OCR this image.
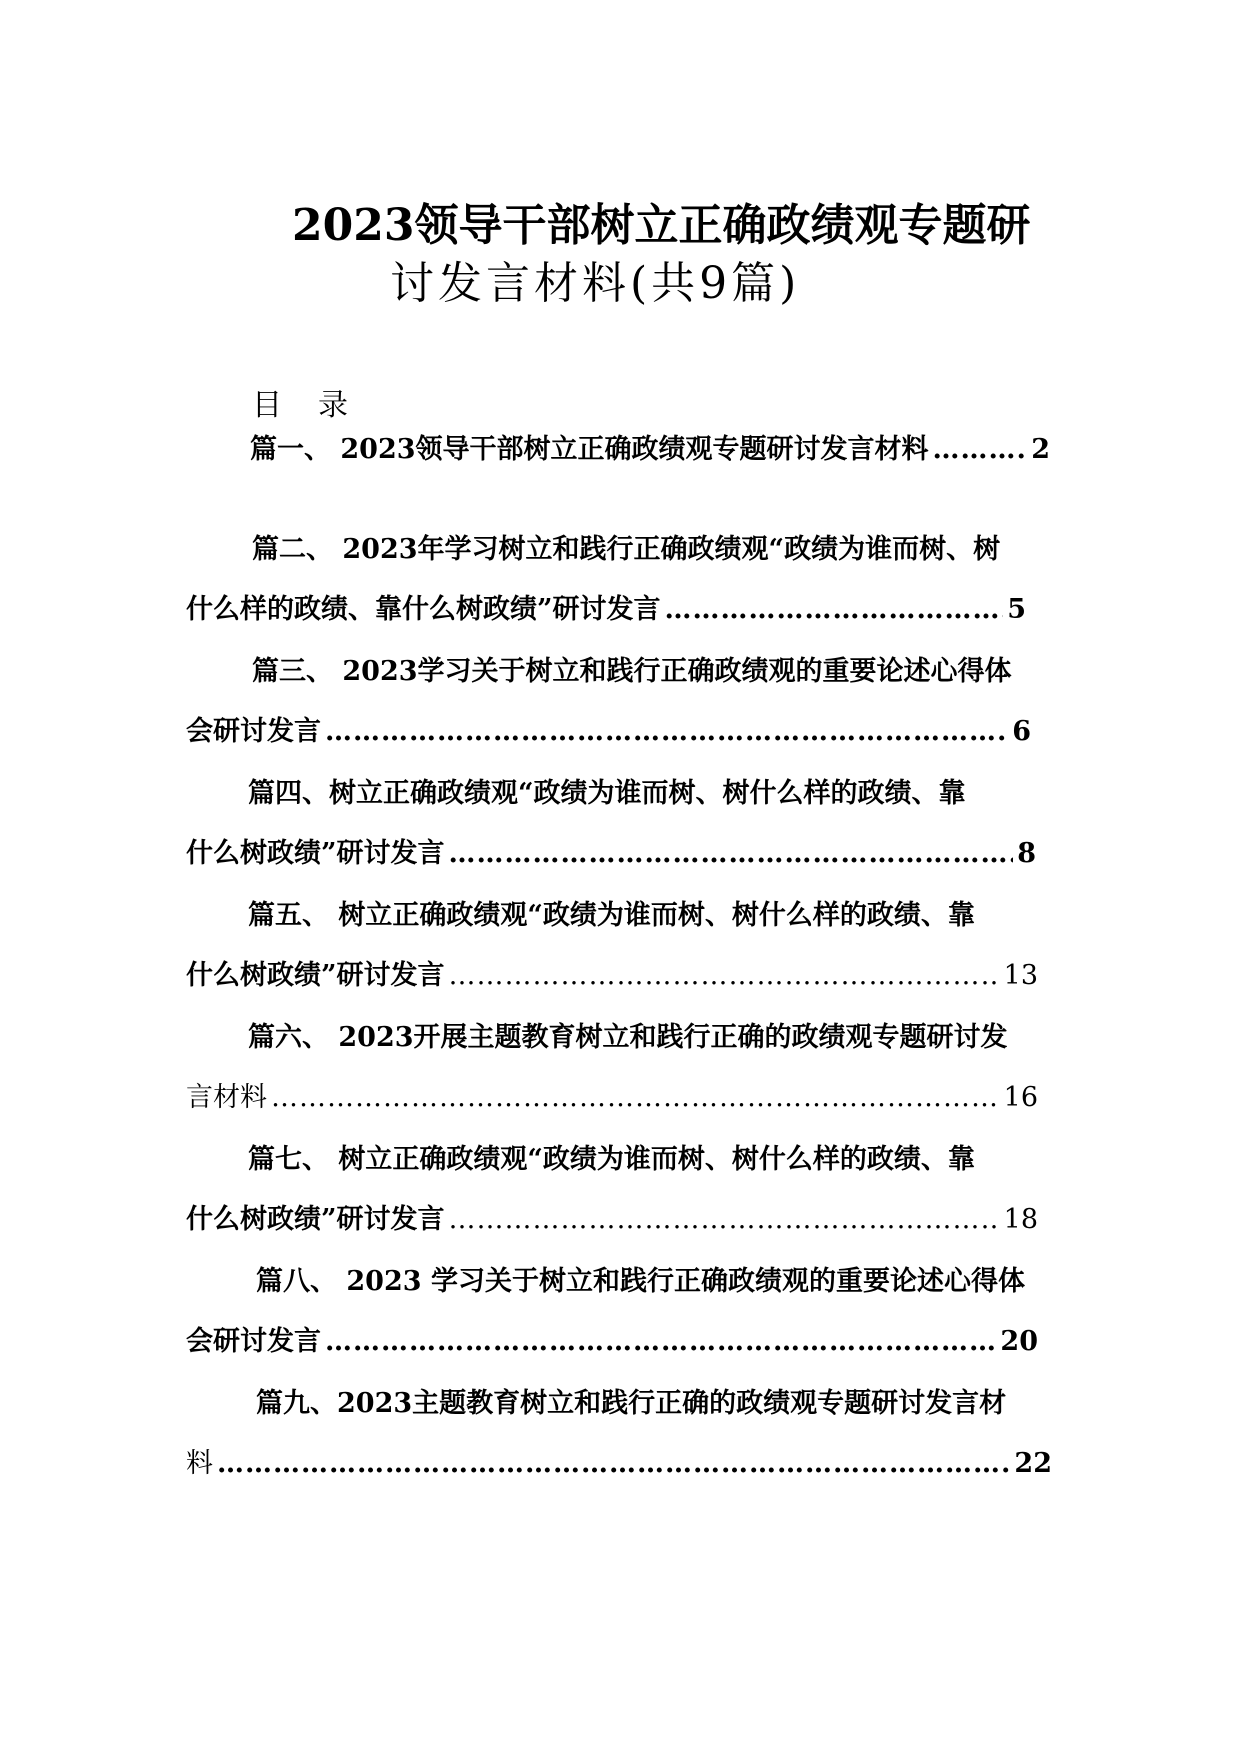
2023领导干部树立正确政绩观专题研
讨发言材料(共9篇)
目录
篇一、 2023领导干部树立正确政绩观专题研讨发言材料 ……………………………………………………………………………………………………………………………………………………………………	2
篇二、 2023年学习树立和践行正确政绩观“政绩为谁而树、树
什么样的政绩、靠什么树政绩”研讨发言 ……………………………………………………………………………………………………………………………………………………………………	5
篇三、 2023学习关于树立和践行正确政绩观的重要论述心得体
会研讨发言 ……………………………………………………………………………………………………………………………………………………………………	6
篇四、树立正确政绩观“政绩为谁而树、树什么样的政绩、靠
什么树政绩”研讨发言 ……………………………………………………………………………………………………………………………………………………………………	8
篇五、 树立正确政绩观“政绩为谁而树、树什么样的政绩、靠
什么树政绩”研讨发言 ……………………………………………………………………………………………………………………………………………………………………	13
篇六、 2023开展主题教育树立和践行正确的政绩观专题研讨发
言材料 ……………………………………………………………………………………………………………………………………………………………………	16
篇七、 树立正确政绩观“政绩为谁而树、树什么样的政绩、靠
什么树政绩”研讨发言 ……………………………………………………………………………………………………………………………………………………………………	18
篇八、 2023 学习关于树立和践行正确政绩观的重要论述心得体
会研讨发言 ……………………………………………………………………………………………………………………………………………………………………	20
篇九、2023主题教育树立和践行正确的政绩观专题研讨发言材
料 ……………………………………………………………………………………………………………………………………………………………………	22
